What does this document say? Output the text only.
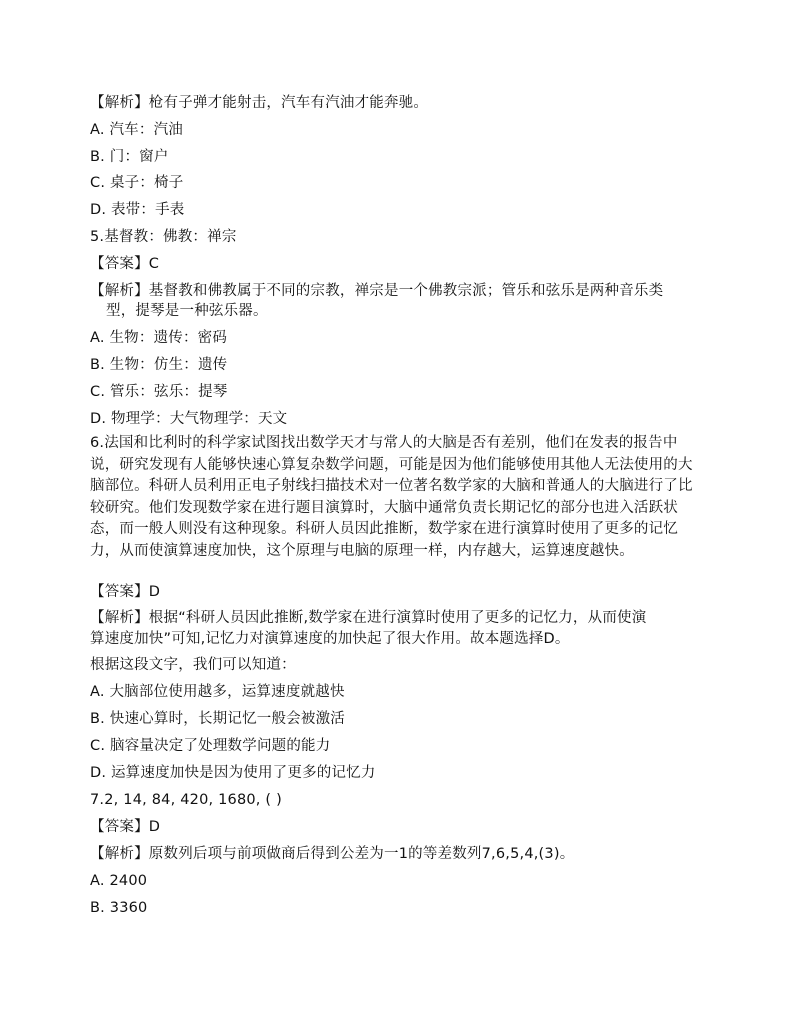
【解析】枪有子弹才能射击，汽车有汽油才能奔驰。
A. 汽车：汽油
B. 门：窗户
C. 桌子：椅子
D. 表带：手表
5.基督教：佛教：禅宗
【答案】C
【解析】基督教和佛教属于不同的宗教，禅宗是一个佛教宗派；管乐和弦乐是两种音乐类
型，提琴是一种弦乐器。
A. 生物：遗传：密码
B. 生物：仿生：遗传
C. 管乐：弦乐：提琴
D. 物理学：大气物理学：天文
6.法国和比利时的科学家试图找出数学天才与常人的大脑是否有差别，他们在发表的报告中说，研究发现有人能够快速心算复杂数学问题，可能是因为他们能够使用其他人无法使用的大脑部位。科研人员利用正电子射线扫描技术对一位著名数学家的大脑和普通人的大脑进行了比较研究。他们发现数学家在进行题目演算时，大脑中通常负责长期记忆的部分也进入活跃状态，而一般人则没有这种现象。科研人员因此推断，数学家在进行演算时使用了更多的记忆力，从而使演算速度加快，这个原理与电脑的原理一样，内存越大，运算速度越快。
【答案】D
【解析】根据“科研人员因此推断,数学家在进行演算时使用了更多的记忆力，从而使演
算速度加快”可知,记忆力对演算速度的加快起了很大作用。故本题选择D。
根据这段文字，我们可以知道：
A. 大脑部位使用越多，运算速度就越快
B. 快速心算时，长期记忆一般会被激活
C. 脑容量决定了处理数学问题的能力
D. 运算速度加快是因为使用了更多的记忆力
7.2, 14, 84, 420, 1680, ( )
【答案】D
【解析】原数列后项与前项做商后得到公差为一1的等差数列7,6,5,4,(3)。
A. 2400
B. 3360
